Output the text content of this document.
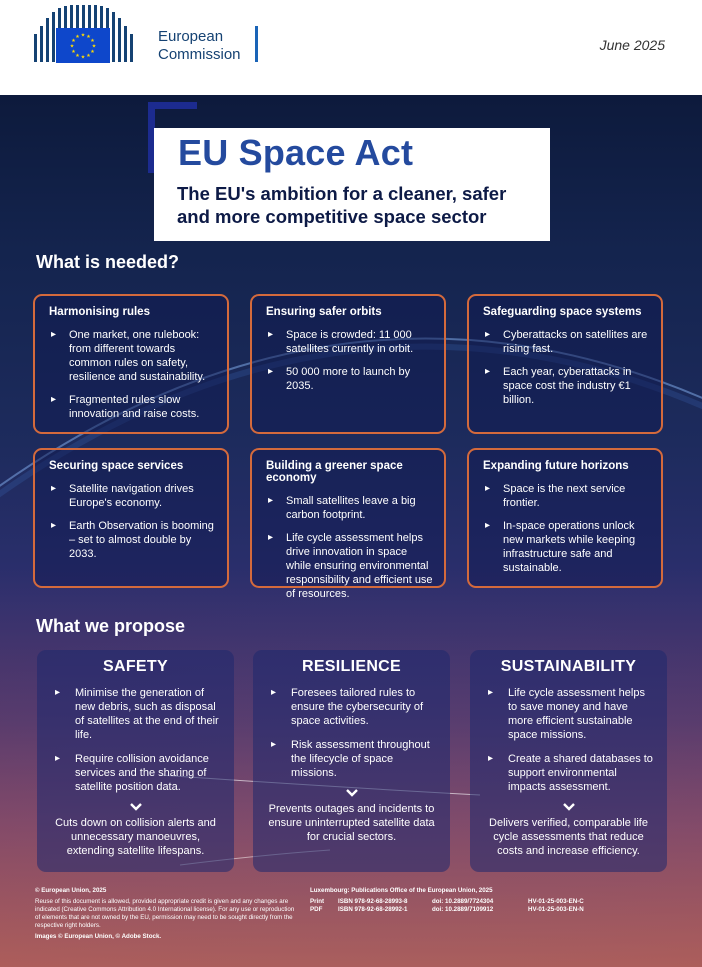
★
★
★
★
★
★
★
★
★ ★ ★
★	European
Commission
June 2025
EU Space Act
The EU's ambition for a cleaner, safer and more competitive space sector
What is needed?
Harmonising rules
▸ One market, one rulebook: from different towards common rules on safety, resilience and sustainability.
▸ Fragmented rules slow innovation and raise costs.
Ensuring safer orbits
▸ Space is crowded: 11 000 satellites currently in orbit.
▸ 50 000 more to launch by 2035.
Safeguarding space systems
▸ Cyberattacks on satellites are rising fast.
▸ Each year, cyberattacks in space cost the industry €1 billion.
Securing space services
▸ Satellite navigation drives Europe's economy.
▸ Earth Observation is booming – set to almost double by 2033.
Building a greener space economy
▸ Small satellites leave a big carbon footprint.
▸ Life cycle assessment helps drive innovation in space while ensuring environmental responsibility and efficient use of resources.
Expanding future horizons
▸ Space is the next service frontier.
▸ In-space operations unlock new markets while keeping infrastructure safe and sustainable.
What we propose
SAFETY
▸ Minimise the generation of new debris, such as disposal of satellites at the end of their life.
▸ Require collision avoidance services and the sharing of satellite position data.
Cuts down on collision alerts and unnecessary manoeuvres, extending satellite lifespans.
RESILIENCE
▸ Foresees tailored rules to ensure the cybersecurity of space activities.
▸ Risk assessment throughout the lifecycle of space missions.
Prevents outages and incidents to ensure uninterrupted satellite data for crucial sectors.
SUSTAINABILITY
▸ Life cycle assessment helps to save money and have more efficient sustainable space missions.
▸ Create a shared databases to support environmental impacts assessment.
Delivers verified, comparable life cycle assessments that reduce costs and increase efficiency.
© European Union, 2025
Reuse of this document is allowed, provided appropriate credit is given and any changes are indicated (Creative Commons Attribution 4.0 International license). For any use or reproduction of elements that are not owned by the EU, permission may need to be sought directly from the respective right holders.
Images © European Union, © Adobe Stock.
Luxembourg: Publications Office of the European Union, 2025
Print	ISBN 978-92-68-28993-8	doi: 10.2889/7724304	HV-01-25-003-EN-C
PDF	ISBN 978-92-68-28992-1	doi: 10.2889/7109912	HV-01-25-003-EN-N
